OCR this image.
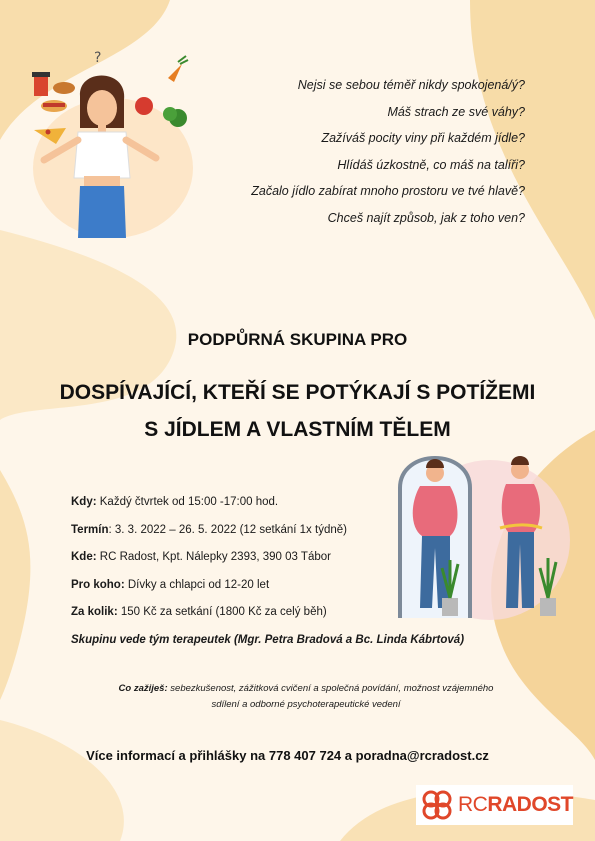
?
Nejsi se sebou téměř nikdy spokojená/ý?
Máš strach ze své váhy?
Zažíváš pocity viny při každém jídle?
Hlídáš úzkostně, co máš na talíři?
Začalo jídlo zabírat mnoho prostoru ve tvé hlavě?
Chceš najít způsob, jak z toho ven?
PODPŮRNÁ SKUPINA PRO
DOSPÍVAJÍCÍ, KTEŘÍ SE POTÝKAJÍ S POTÍŽEMI
S JÍDLEM A VLASTNÍM TĚLEM
Kdy: Každý čtvrtek od 15:00 -17:00 hod.
Termín: 3. 3. 2022 – 26. 5. 2022 (12 setkání 1x týdně)
Kde: RC Radost, Kpt. Nálepky 2393, 390 03 Tábor
Pro koho: Dívky a chlapci od 12-20 let
Za kolik: 150 Kč za setkání (1800 Kč za celý běh)
Skupinu vede tým terapeutek (Mgr. Petra Bradová a Bc. Linda Kábrtová)
Co zažiješ: sebezkušenost, zážitková cvičení a společná povídání, možnost vzájemného
sdílení a odborné psychoterapeutické vedení
Více informací a přihlášky na 778 407 724 a poradna@rcradost.cz
RCRADOST
